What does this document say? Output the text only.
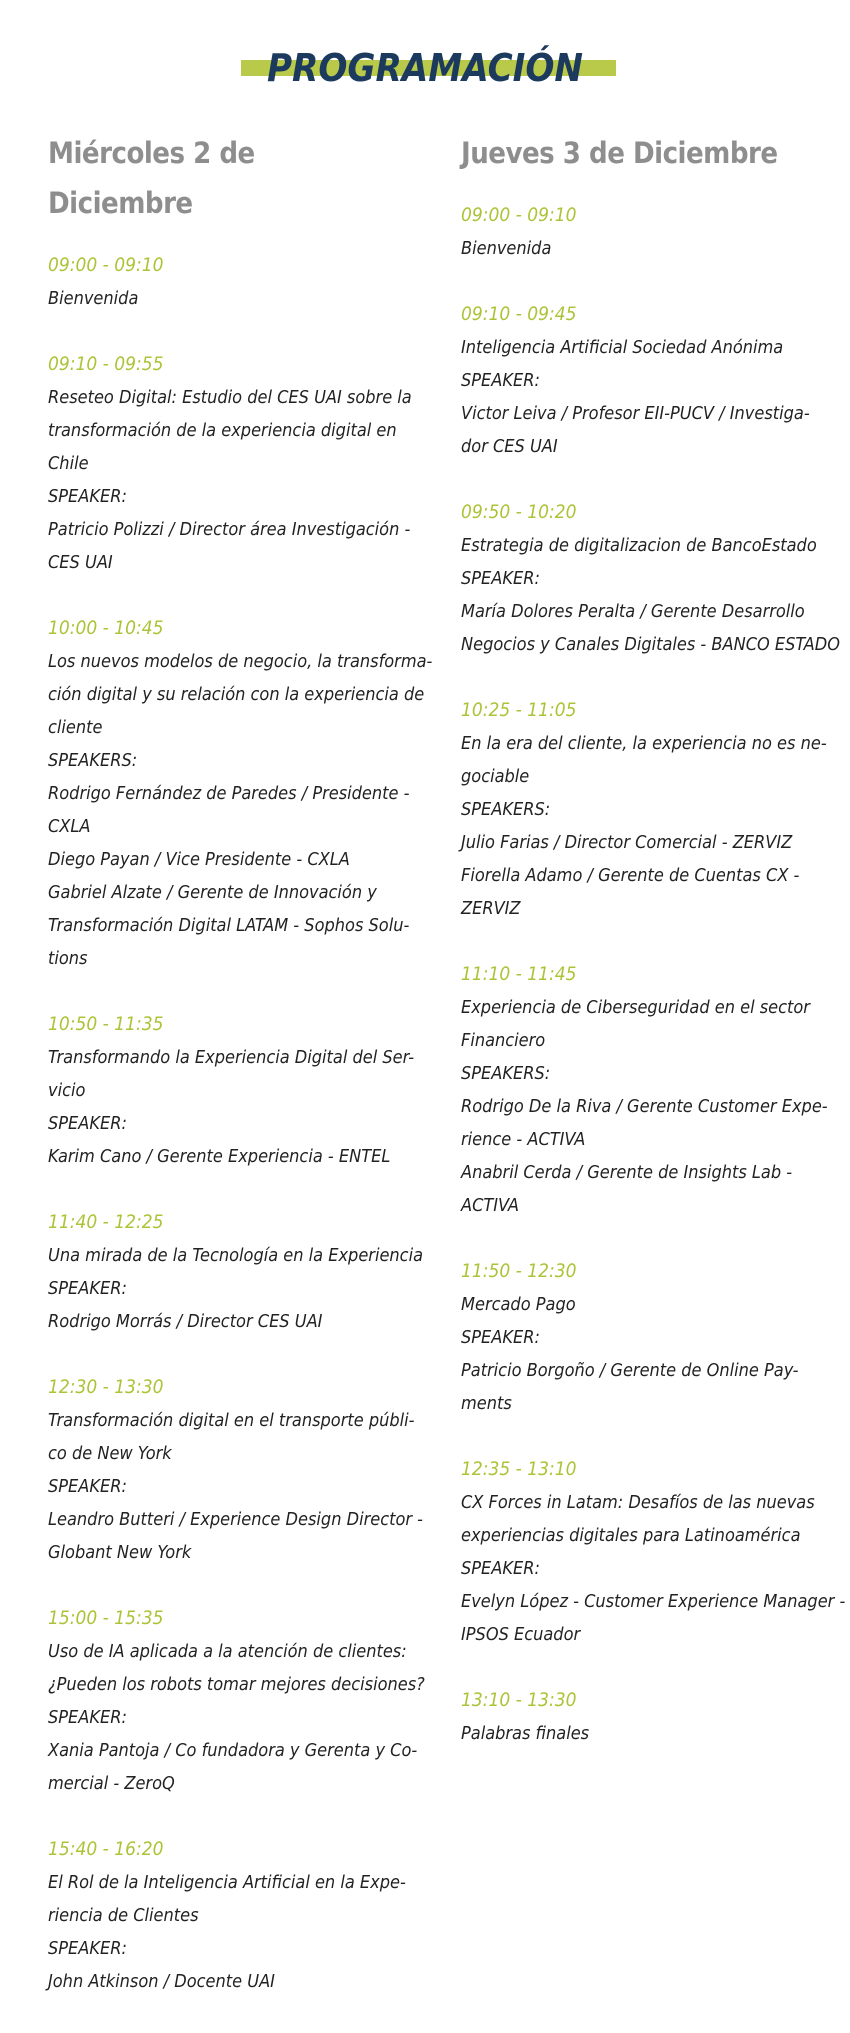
PROGRAMACIÓN
Miércoles 2 de Diciembre
09:00 - 09:10
Bienvenida
09:10 - 09:55
Reseteo Digital: Estudio del CES UAI sobre la
transformación de la experiencia digital en
Chile
SPEAKER:
Patricio Polizzi / Director área Investigación -
CES UAI
10:00 - 10:45
Los nuevos modelos de negocio, la transforma-
ción digital y su relación con la experiencia de
cliente
SPEAKERS:
Rodrigo Fernández de Paredes / Presidente -
CXLA
Diego Payan / Vice Presidente - CXLA
Gabriel Alzate / Gerente de Innovación y
Transformación Digital LATAM - Sophos Solu-
tions
10:50 - 11:35
Transformando la Experiencia Digital del Ser-
vicio
SPEAKER:
Karim Cano / Gerente Experiencia - ENTEL
11:40 - 12:25
Una mirada de la Tecnología en la Experiencia
SPEAKER:
Rodrigo Morrás / Director CES UAI
12:30 - 13:30
Transformación digital en el transporte públi-
co de New York
SPEAKER:
Leandro Butteri / Experience Design Director -
Globant New York
15:00 - 15:35
Uso de IA aplicada a la atención de clientes:
¿Pueden los robots tomar mejores decisiones?
SPEAKER:
Xania Pantoja / Co fundadora y Gerenta y Co-
mercial - ZeroQ
15:40 - 16:20
El Rol de la Inteligencia Artificial en la Expe-
riencia de Clientes
SPEAKER:
John Atkinson / Docente UAI
Jueves 3 de Diciembre
09:00 - 09:10
Bienvenida
09:10 - 09:45
Inteligencia Artificial Sociedad Anónima
SPEAKER:
Victor Leiva / Profesor EII-PUCV / Investiga-
dor CES UAI
09:50 - 10:20
Estrategia de digitalizacion de BancoEstado
SPEAKER:
María Dolores Peralta / Gerente Desarrollo
Negocios y Canales Digitales - BANCO ESTADO
10:25 - 11:05
En la era del cliente, la experiencia no es ne-
gociable
SPEAKERS:
Julio Farias / Director Comercial - ZERVIZ
Fiorella Adamo / Gerente de Cuentas CX -
ZERVIZ
11:10 - 11:45
Experiencia de Ciberseguridad en el sector
Financiero
SPEAKERS:
Rodrigo De la Riva / Gerente Customer Expe-
rience - ACTIVA
Anabril Cerda / Gerente de Insights Lab -
ACTIVA
11:50 - 12:30
Mercado Pago
SPEAKER:
Patricio Borgoño / Gerente de Online Pay-
ments
12:35 - 13:10
CX Forces in Latam: Desafíos de las nuevas
experiencias digitales para Latinoamérica
SPEAKER:
Evelyn López - Customer Experience Manager -
IPSOS Ecuador
13:10 - 13:30
Palabras finales
